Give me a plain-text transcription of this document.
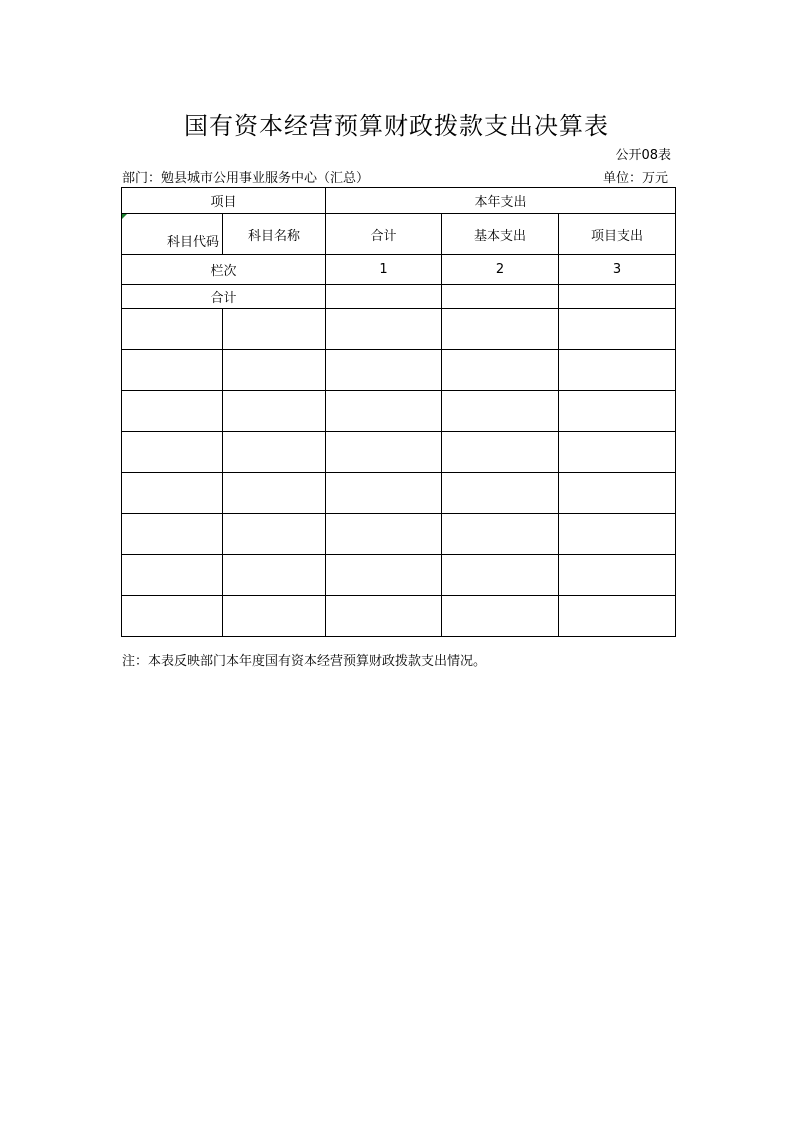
国有资本经营预算财政拨款支出决算表
公开08表
部门：勉县城市公用事业服务中心（汇总）	单位：万元
项目		本年支出		

科目代码	科目名称	合计	基本支出	项目支出
栏次		1	2	3
合计				

注：本表反映部门本年度国有资本经营预算财政拨款支出情况。
